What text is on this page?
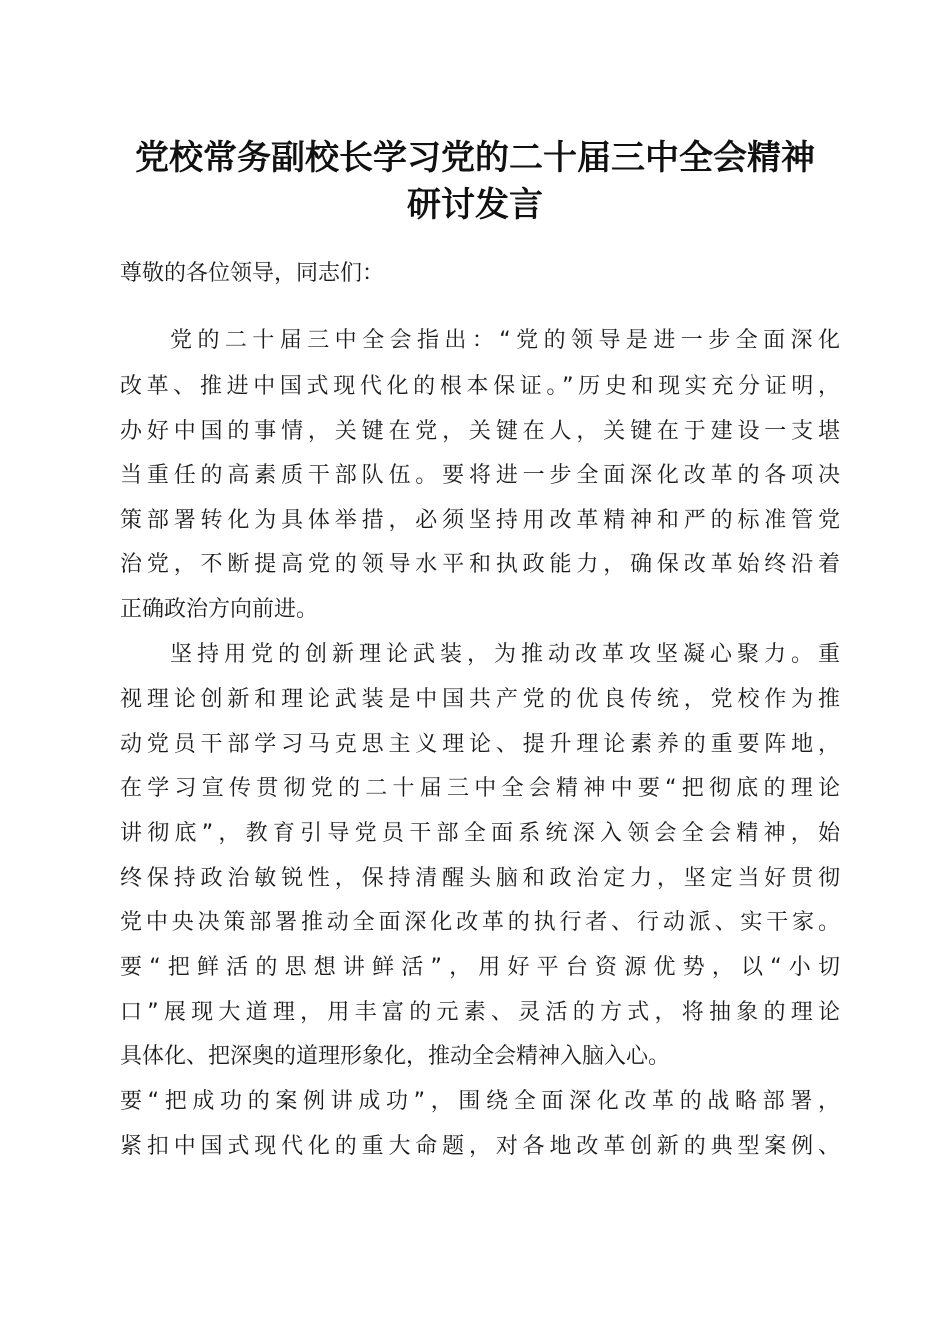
党校常务副校长学习党的二十届三中全会精神
研讨发言
尊敬的各位领导，同志们：
党的二十届三中全会指出：“党的领导是进一步全面深化
改革、推进中国式现代化的根本保证。”历史和现实充分证明，
办好中国的事情，关键在党，关键在人，关键在于建设一支堪
当重任的高素质干部队伍。要将进一步全面深化改革的各项决
策部署转化为具体举措，必须坚持用改革精神和严的标准管党
治党，不断提高党的领导水平和执政能力，确保改革始终沿着
正确政治方向前进。
坚持用党的创新理论武装，为推动改革攻坚凝心聚力。重
视理论创新和理论武装是中国共产党的优良传统，党校作为推
动党员干部学习马克思主义理论、提升理论素养的重要阵地，
在学习宣传贯彻党的二十届三中全会精神中要“把彻底的理论
讲彻底”，教育引导党员干部全面系统深入领会全会精神，始
终保持政治敏锐性，保持清醒头脑和政治定力，坚定当好贯彻
党中央决策部署推动全面深化改革的执行者、行动派、实干家。
要“把鲜活的思想讲鲜活”，用好平台资源优势，以“小切
口”展现大道理，用丰富的元素、灵活的方式，将抽象的理论
具体化、把深奥的道理形象化，推动全会精神入脑入心。
要“把成功的案例讲成功”，围绕全面深化改革的战略部署，
紧扣中国式现代化的重大命题，对各地改革创新的典型案例、
